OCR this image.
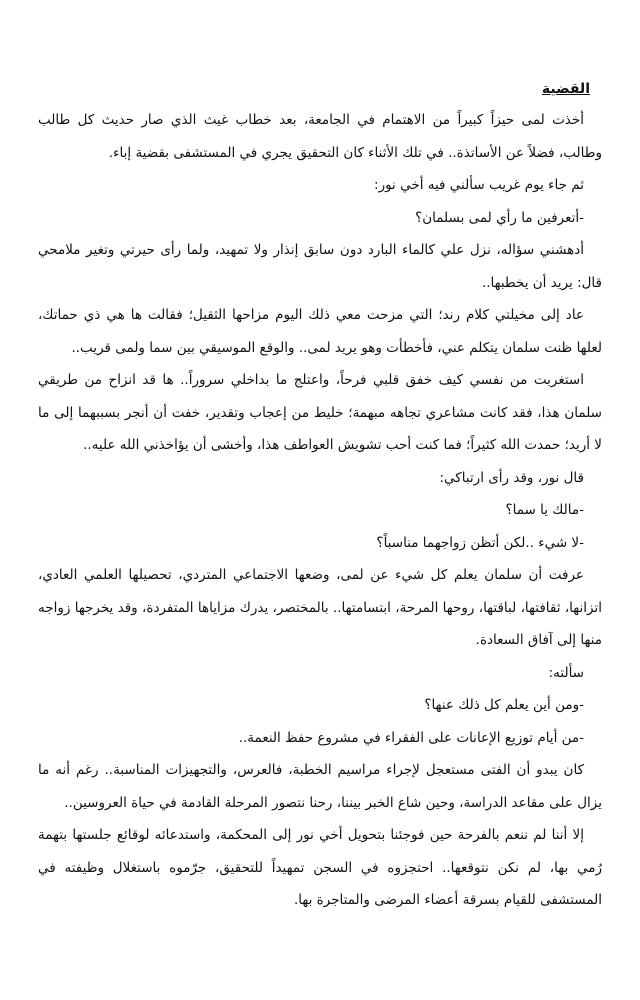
القضية

أخذت لمى حيزاً كبيراً من الاهتمام في الجامعة، بعد خطاب غيث الذي صار حديث كل طالب وطالب، فضلاً عن الأساتذة.. في تلك الأثناء كان التحقيق يجري في المستشفى بقضية إباء.

ثم جاء يوم غريب سألني فيه أخي نور:

-أتعرفين ما رأي لمى بسلمان؟

أدهشني سؤاله، نزل علي كالماء البارد دون سابق إنذار ولا تمهيد، ولما رأى حيرتي وتغير ملامحي قال: يريد أن يخطبها..

عاد إلى مخيلتي كلام رند؛ التي مزحت معي ذلك اليوم مزاحها الثقيل؛ فقالت ها هي ذي حماتك، لعلها ظنت سلمان يتكلم عني، فأخطأت وهو يريد لمى.. والوقع الموسيقي بين سما ولمى قريب..

استغربت من نفسي كيف خفق قلبي فرحاً، واعتلج ما بداخلي سروراً.. ها قد انزاح من طريقي سلمان هذا، فقد كانت مشاعري تجاهه مبهمة؛ خليط من إعجاب وتقدير، خفت أن أنجر بسببهما إلى ما لا أريد؛ حمدت الله كثيراً؛ فما كنت أحب تشويش العواطف هذا، وأخشى أن يؤاخذني الله عليه..

قال نور، وقد رأى ارتباكي:

-مالك يا سما؟

-لا شيء ..لكن أتظن زواجهما مناسباً؟

عرفت أن سلمان يعلم كل شيء عن لمى، وضعها الاجتماعي المتردي، تحصيلها العلمي العادي، اتزانها، ثقافتها، لباقتها، روحها المرحة، ابتسامتها.. بالمختصر، يدرك مزاياها المتفردة، وقد يخرجها زواجه منها إلى آفاق السعادة.

سألته:

-ومن أين يعلم كل ذلك عنها؟

-من أيام توزيع الإعانات على الفقراء في مشروع حفظ النعمة..

كان يبدو أن الفتى مستعجل لإجراء مراسيم الخطبة، فالعرس، والتجهيزات المناسبة.. رغم أنه ما يزال على مقاعد الدراسة، وحين شاع الخبر بيننا، رحنا نتصور المرحلة القادمة في حياة العروسين..

إلا أننا لم ننعم بالفرحة حين فوجئنا بتحويل أخي نور إلى المحكمة، واستدعائه لوقائع جلستها بتهمة رُمي بها، لم نكن نتوقعها.. احتجزوه في السجن تمهيداً للتحقيق، جرّموه باستغلال وظيفته في المستشفى للقيام بسرقة أعضاء المرضى والمتاجرة بها.
